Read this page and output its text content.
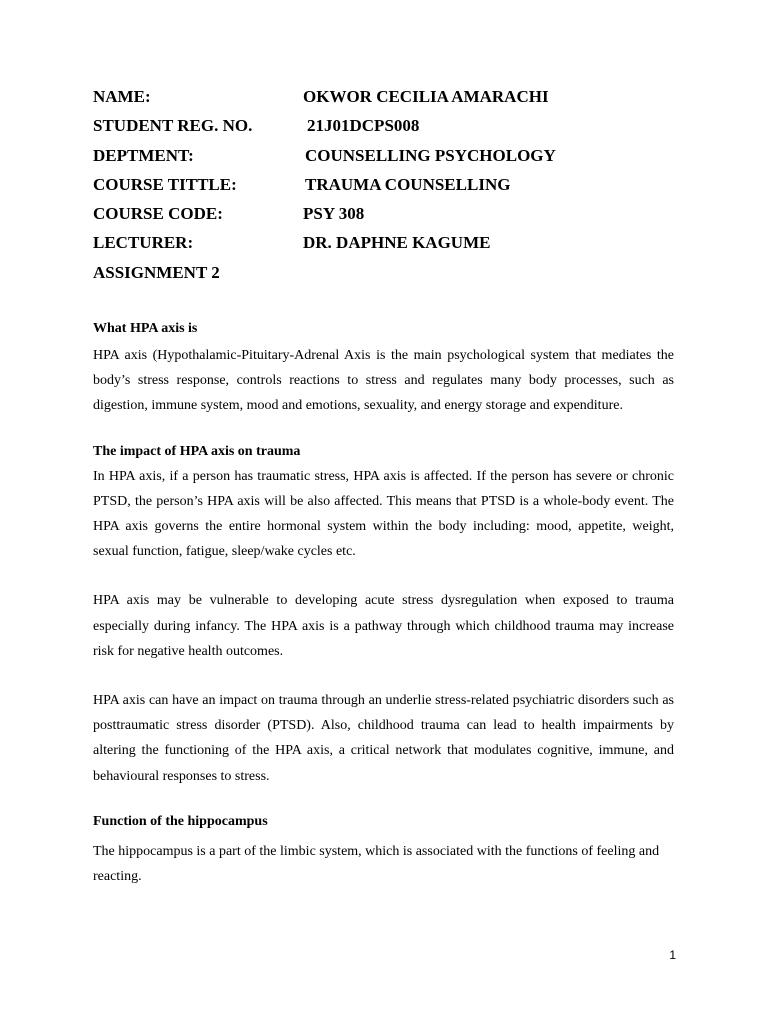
NAME:	OKWOR CECILIA AMARACHI
STUDENT REG. NO.	21J01DCPS008
DEPTMENT:	COUNSELLING PSYCHOLOGY
COURSE TITTLE:	TRAUMA COUNSELLING
COURSE CODE:	PSY 308
LECTURER:	DR. DAPHNE KAGUME
ASSIGNMENT 2
What HPA axis is

HPA axis (Hypothalamic-Pituitary-Adrenal Axis is the main psychological system that mediates the body’s stress response, controls reactions to stress and regulates many body processes, such as digestion, immune system, mood and emotions, sexuality, and energy storage and expenditure.

The impact of HPA axis on trauma

In HPA axis, if a person has traumatic stress, HPA axis is affected. If the person has severe or chronic PTSD, the person’s HPA axis will be also affected. This means that PTSD is a whole-body event. The HPA axis governs the entire hormonal system within the body including: mood, appetite, weight, sexual function, fatigue, sleep/wake cycles etc.

HPA axis may be vulnerable to developing acute stress dysregulation when exposed to trauma especially during infancy. The HPA axis is a pathway through which childhood trauma may increase risk for negative health outcomes.

HPA axis can have an impact on trauma through an underlie stress-related psychiatric disorders such as posttraumatic stress disorder (PTSD). Also, childhood trauma can lead to health impairments by altering the functioning of the HPA axis, a critical network that modulates cognitive, immune, and behavioural responses to stress.

Function of the hippocampus

The hippocampus is a part of the limbic system, which is associated with the functions of feeling and reacting.

1
